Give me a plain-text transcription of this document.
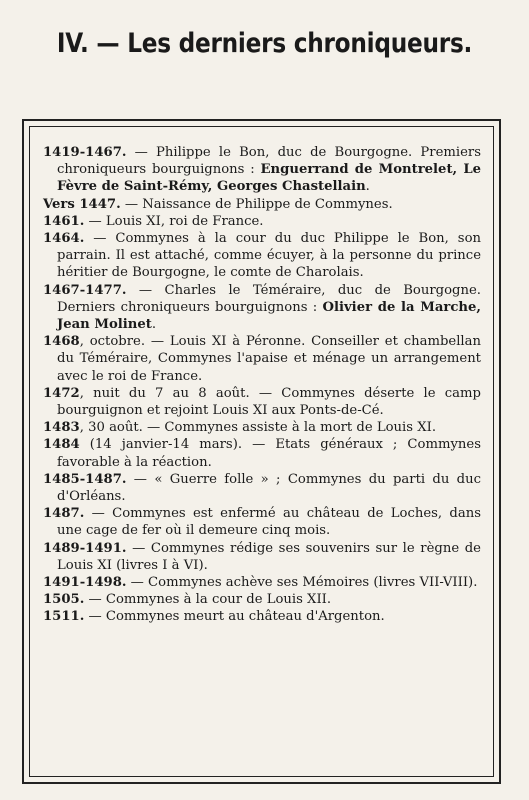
IV. — Les derniers chroniqueurs.

1419-1467. — Philippe le Bon, duc de Bourgogne. Premiers chroniqueurs bourguignons : Enguerrand de Montrelet, Le Fèvre de Saint-Rémy, Georges Chastellain.

Vers 1447. — Naissance de Philippe de Commynes.

1461. — Louis XI, roi de France.

1464. — Commynes à la cour du duc Philippe le Bon, son parrain. Il est attaché, comme écuyer, à la personne du prince héritier de Bourgogne, le comte de Charolais.

1467-1477. — Charles le Téméraire, duc de Bourgogne. Derniers chroniqueurs bourguignons : Olivier de la Marche, Jean Molinet.

1468, octobre. — Louis XI à Péronne. Conseiller et chambellan du Téméraire, Commynes l'apaise et ménage un arrangement avec le roi de France.

1472, nuit du 7 au 8 août. — Commynes déserte le camp bourguignon et rejoint Louis XI aux Ponts-de-Cé.

1483, 30 août. — Commynes assiste à la mort de Louis XI.

1484 (14 janvier-14 mars). — Etats généraux ; Commynes favorable à la réaction.

1485-1487. — « Guerre folle » ; Commynes du parti du duc d'Orléans.

1487. — Commynes est enfermé au château de Loches, dans une cage de fer où il demeure cinq mois.

1489-1491. — Commynes rédige ses souvenirs sur le règne de Louis XI (livres I à VI).

1491-1498. — Commynes achève ses Mémoires (livres VII-VIII).

1505. — Commynes à la cour de Louis XII.

1511. — Commynes meurt au château d'Argenton.
